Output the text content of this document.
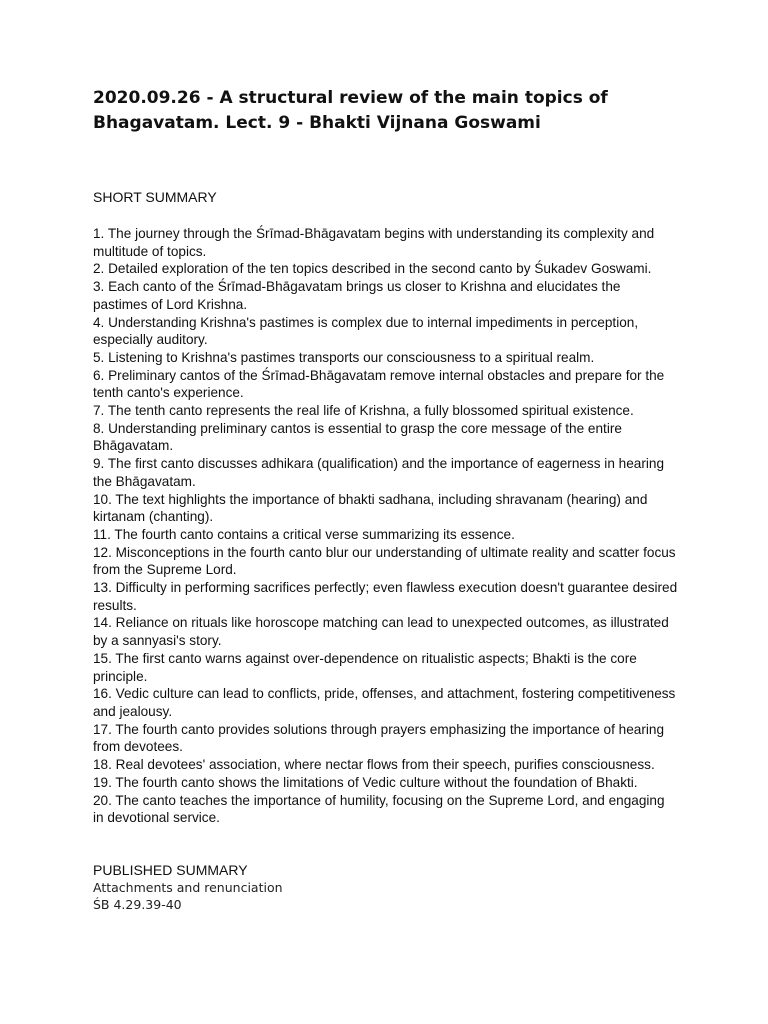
2020.09.26 - A structural review of the main topics of Bhagavatam. Lect. 9 - Bhakti Vijnana Goswami
SHORT SUMMARY
1. The journey through the Śrīmad-Bhāgavatam begins with understanding its complexity and multitude of topics.
2. Detailed exploration of the ten topics described in the second canto by Śukadev Goswami.
3. Each canto of the Śrīmad-Bhāgavatam brings us closer to Krishna and elucidates the pastimes of Lord Krishna.
4. Understanding Krishna's pastimes is complex due to internal impediments in perception, especially auditory.
5. Listening to Krishna's pastimes transports our consciousness to a spiritual realm.
6. Preliminary cantos of the Śrīmad-Bhāgavatam remove internal obstacles and prepare for the tenth canto's experience.
7. The tenth canto represents the real life of Krishna, a fully blossomed spiritual existence.
8. Understanding preliminary cantos is essential to grasp the core message of the entire Bhāgavatam.
9. The first canto discusses adhikara (qualification) and the importance of eagerness in hearing the Bhāgavatam.
10. The text highlights the importance of bhakti sadhana, including shravanam (hearing) and kirtanam (chanting).
11. The fourth canto contains a critical verse summarizing its essence.
12. Misconceptions in the fourth canto blur our understanding of ultimate reality and scatter focus from the Supreme Lord.
13. Difficulty in performing sacrifices perfectly; even flawless execution doesn't guarantee desired results.
14. Reliance on rituals like horoscope matching can lead to unexpected outcomes, as illustrated by a sannyasi's story.
15. The first canto warns against over-dependence on ritualistic aspects; Bhakti is the core principle.
16. Vedic culture can lead to conflicts, pride, offenses, and attachment, fostering competitiveness and jealousy.
17. The fourth canto provides solutions through prayers emphasizing the importance of hearing from devotees.
18. Real devotees' association, where nectar flows from their speech, purifies consciousness.
19. The fourth canto shows the limitations of Vedic culture without the foundation of Bhakti.
20. The canto teaches the importance of humility, focusing on the Supreme Lord, and engaging in devotional service.
PUBLISHED SUMMARY
Attachments and renunciation
ŚB 4.29.39-40
